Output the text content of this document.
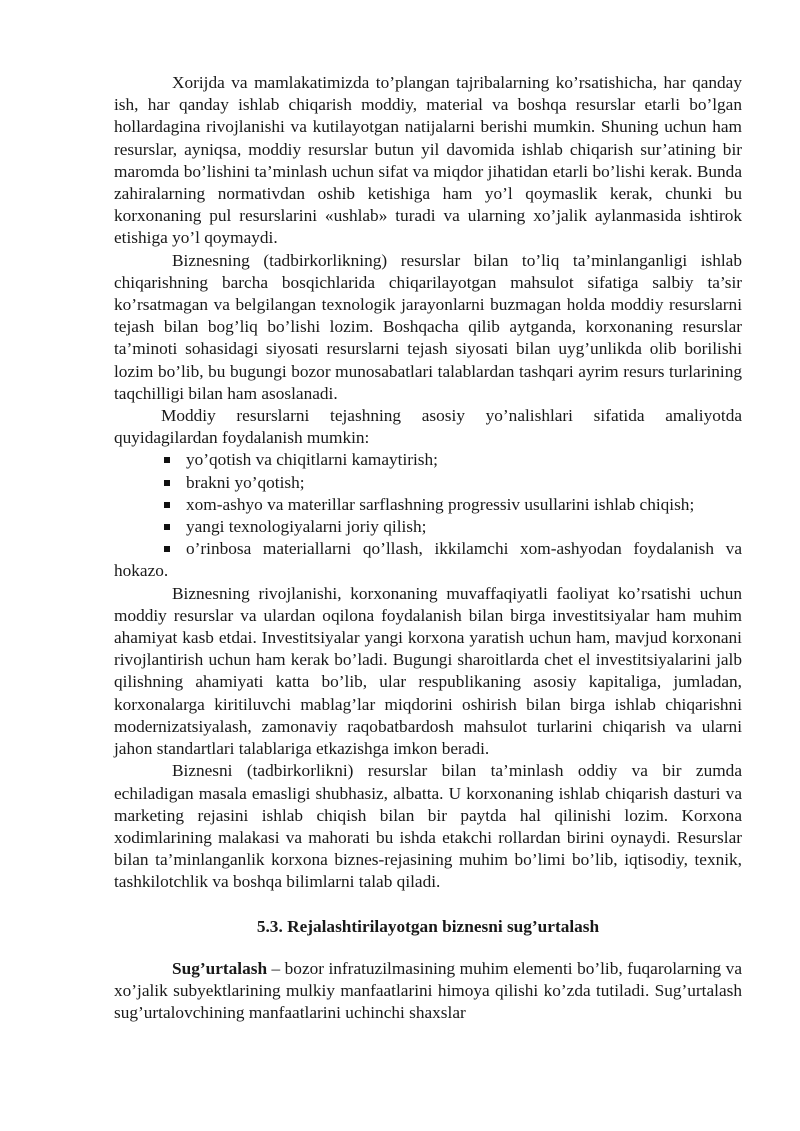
Xorijda va mamlakatimizda to’plangan tajribalarning ko’rsatishicha, har qanday ish, har qanday ishlab chiqarish moddiy, material va boshqa resurslar etarli bo’lgan hollardagina rivojlanishi va kutilayotgan natijalarni berishi mumkin. Shuning uchun ham resurslar, ayniqsa, moddiy resurslar butun yil davomida ishlab chiqarish sur’atining bir maromda bo’lishini ta’minlash uchun sifat va miqdor jihatidan etarli bo’lishi kerak. Bunda zahiralarning normativdan oshib ketishiga ham yo’l qoymaslik kerak, chunki bu korxonaning pul resurslarini «ushlab» turadi va ularning xo’jalik aylanmasida ishtirok etishiga yo’l qoymaydi.

Biznesning (tadbirkorlikning) resurslar bilan to’liq ta’minlanganligi ishlab chiqarishning barcha bosqichlarida chiqarilayotgan mahsulot sifatiga salbiy ta’sir ko’rsatmagan va belgilangan texnologik jarayonlarni buzmagan holda moddiy resurslarni tejash bilan bog’liq bo’lishi lozim. Boshqacha qilib aytganda, korxonaning resurslar ta’minoti sohasidagi siyosati resurslarni tejash siyosati bilan uyg’unlikda olib borilishi lozim bo’lib, bu bugungi bozor munosabatlari talablardan tashqari ayrim resurs turlarining taqchilligi bilan ham asoslanadi.

Moddiy resurslarni tejashning asosiy yo’nalishlari sifatida amaliyotda quyidagilardan foydalanish mumkin:

yo’qotish va chiqitlarni kamaytirish;
brakni yo’qotish;
xom-ashyo va materillar sarflashning progressiv usullarini ishlab chiqish;
yangi texnologiyalarni joriy qilish;
o’rinbosa materiallarni qo’llash, ikkilamchi xom-ashyodan foydalanish va hokazo.

Biznesning rivojlanishi, korxonaning muvaffaqiyatli faoliyat ko’rsatishi uchun moddiy resurslar va ulardan oqilona foydalanish bilan birga investitsiyalar ham muhim ahamiyat kasb etdai. Investitsiyalar yangi korxona yaratish uchun ham, mavjud korxonani rivojlantirish uchun ham kerak bo’ladi. Bugungi sharoitlarda chet el investitsiyalarini jalb qilishning ahamiyati katta bo’lib, ular respublikaning asosiy kapitaliga, jumladan, korxonalarga kiritiluvchi mablag’lar miqdorini oshirish bilan birga ishlab chiqarishni modernizatsiyalash, zamonaviy raqobatbardosh mahsulot turlarini chiqarish va ularni jahon standartlari talablariga etkazishga imkon beradi.

Biznesni (tadbirkorlikni) resurslar bilan ta’minlash oddiy va bir zumda echiladigan masala emasligi shubhasiz, albatta. U korxonaning ishlab chiqarish dasturi va marketing rejasini ishlab chiqish bilan bir paytda hal qilinishi lozim. Korxona xodimlarining malakasi va mahorati bu ishda etakchi rollardan birini oynaydi. Resurslar bilan ta’minlanganlik korxona biznes-rejasining muhim bo’limi bo’lib, iqtisodiy, texnik, tashkilotchlik va boshqa bilimlarni talab qiladi.

5.3. Rejalashtirilayotgan biznesni sug’urtalash

Sug’urtalash – bozor infratuzilmasining muhim elementi bo’lib, fuqarolarning va xo’jalik subyektlarining mulkiy manfaatlarini himoya qilishi ko’zda tutiladi. Sug’urtalash sug’urtalovchining manfaatlarini uchinchi shaxslar
